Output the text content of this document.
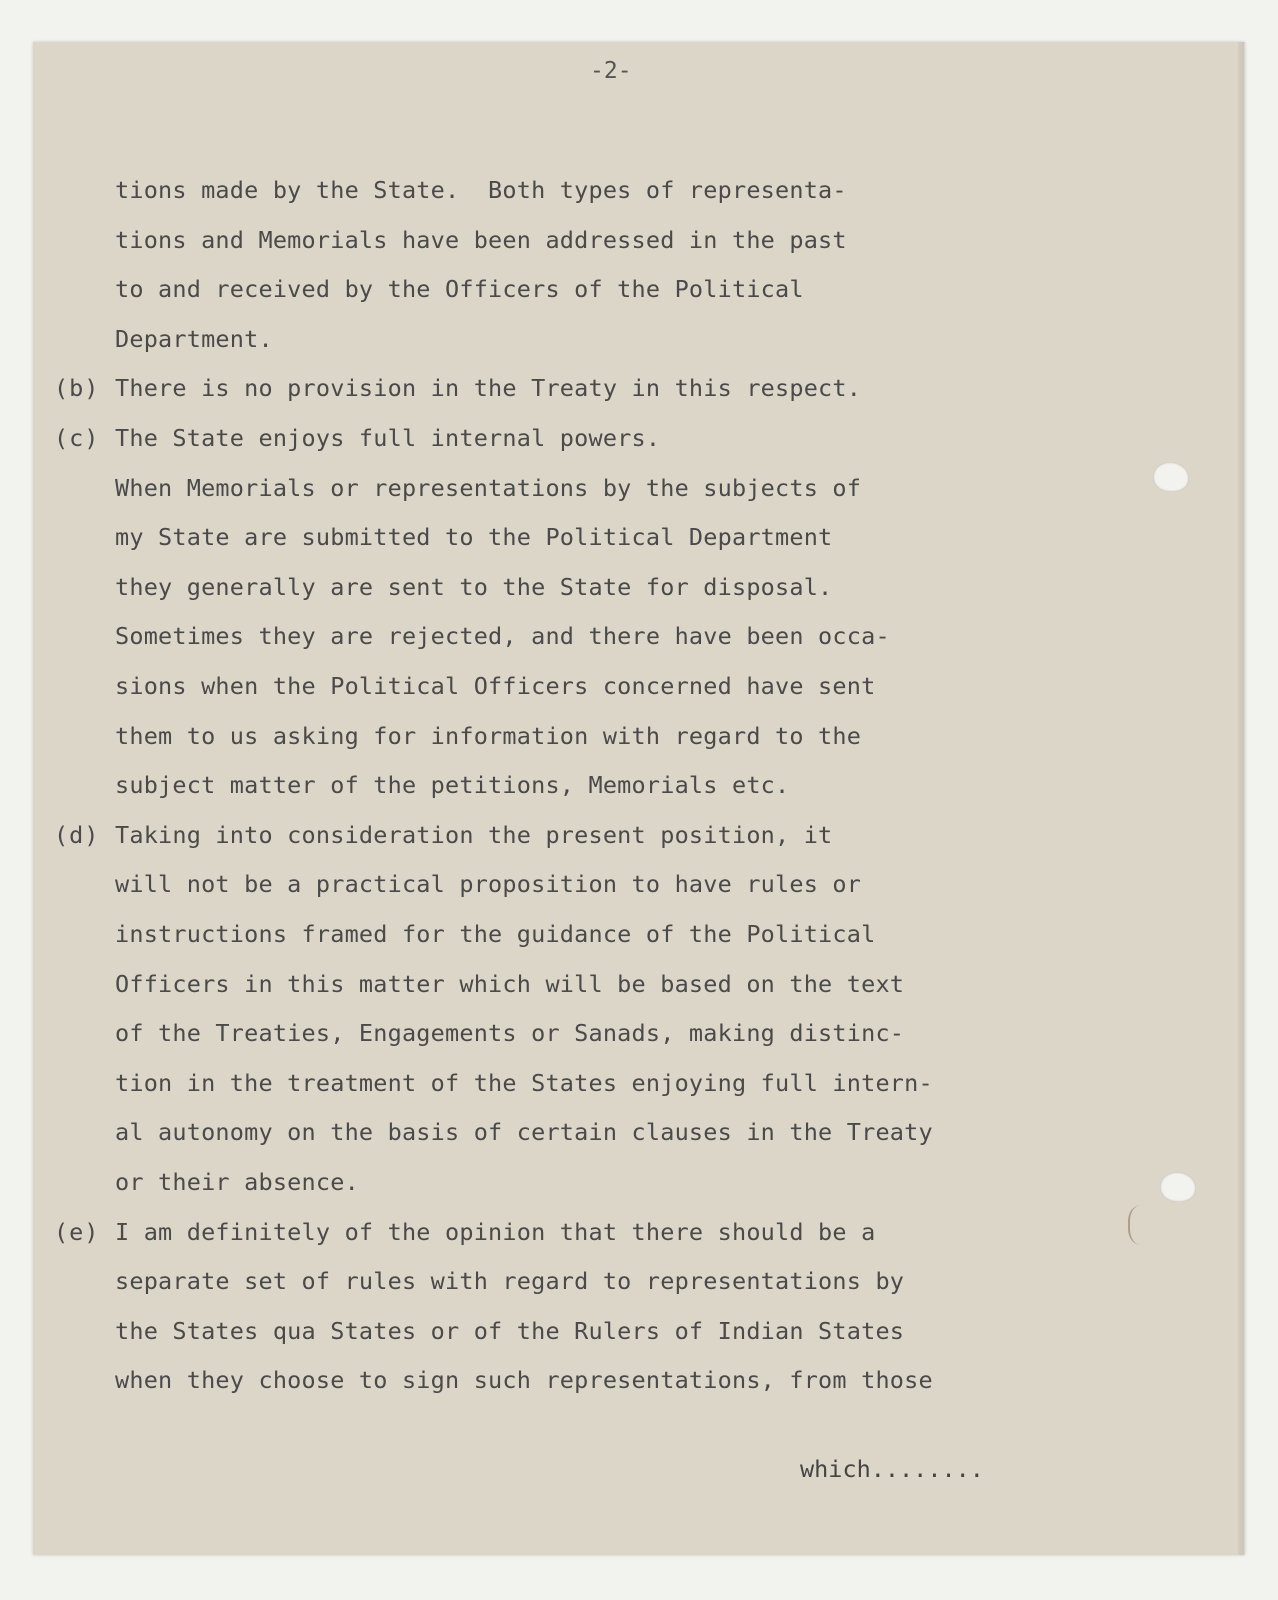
-2-
tions made by the State.  Both types of representa-
tions and Memorials have been addressed in the past
to and received by the Officers of the Political
Department.
(b) There is no provision in the Treaty in this respect.
(c) The State enjoys full internal powers.
When Memorials or representations by the subjects of
my State are submitted to the Political Department
they generally are sent to the State for disposal.
Sometimes they are rejected, and there have been occa-
sions when the Political Officers concerned have sent
them to us asking for information with regard to the
subject matter of the petitions, Memorials etc.
(d) Taking into consideration the present position, it
will not be a practical proposition to have rules or
instructions framed for the guidance of the Political
Officers in this matter which will be based on the text
of the Treaties, Engagements or Sanads, making distinc-
tion in the treatment of the States enjoying full intern-
al autonomy on the basis of certain clauses in the Treaty
or their absence.
(e) I am definitely of the opinion that there should be a
separate set of rules with regard to representations by
the States qua States or of the Rulers of Indian States
when they choose to sign such representations, from those
which........
